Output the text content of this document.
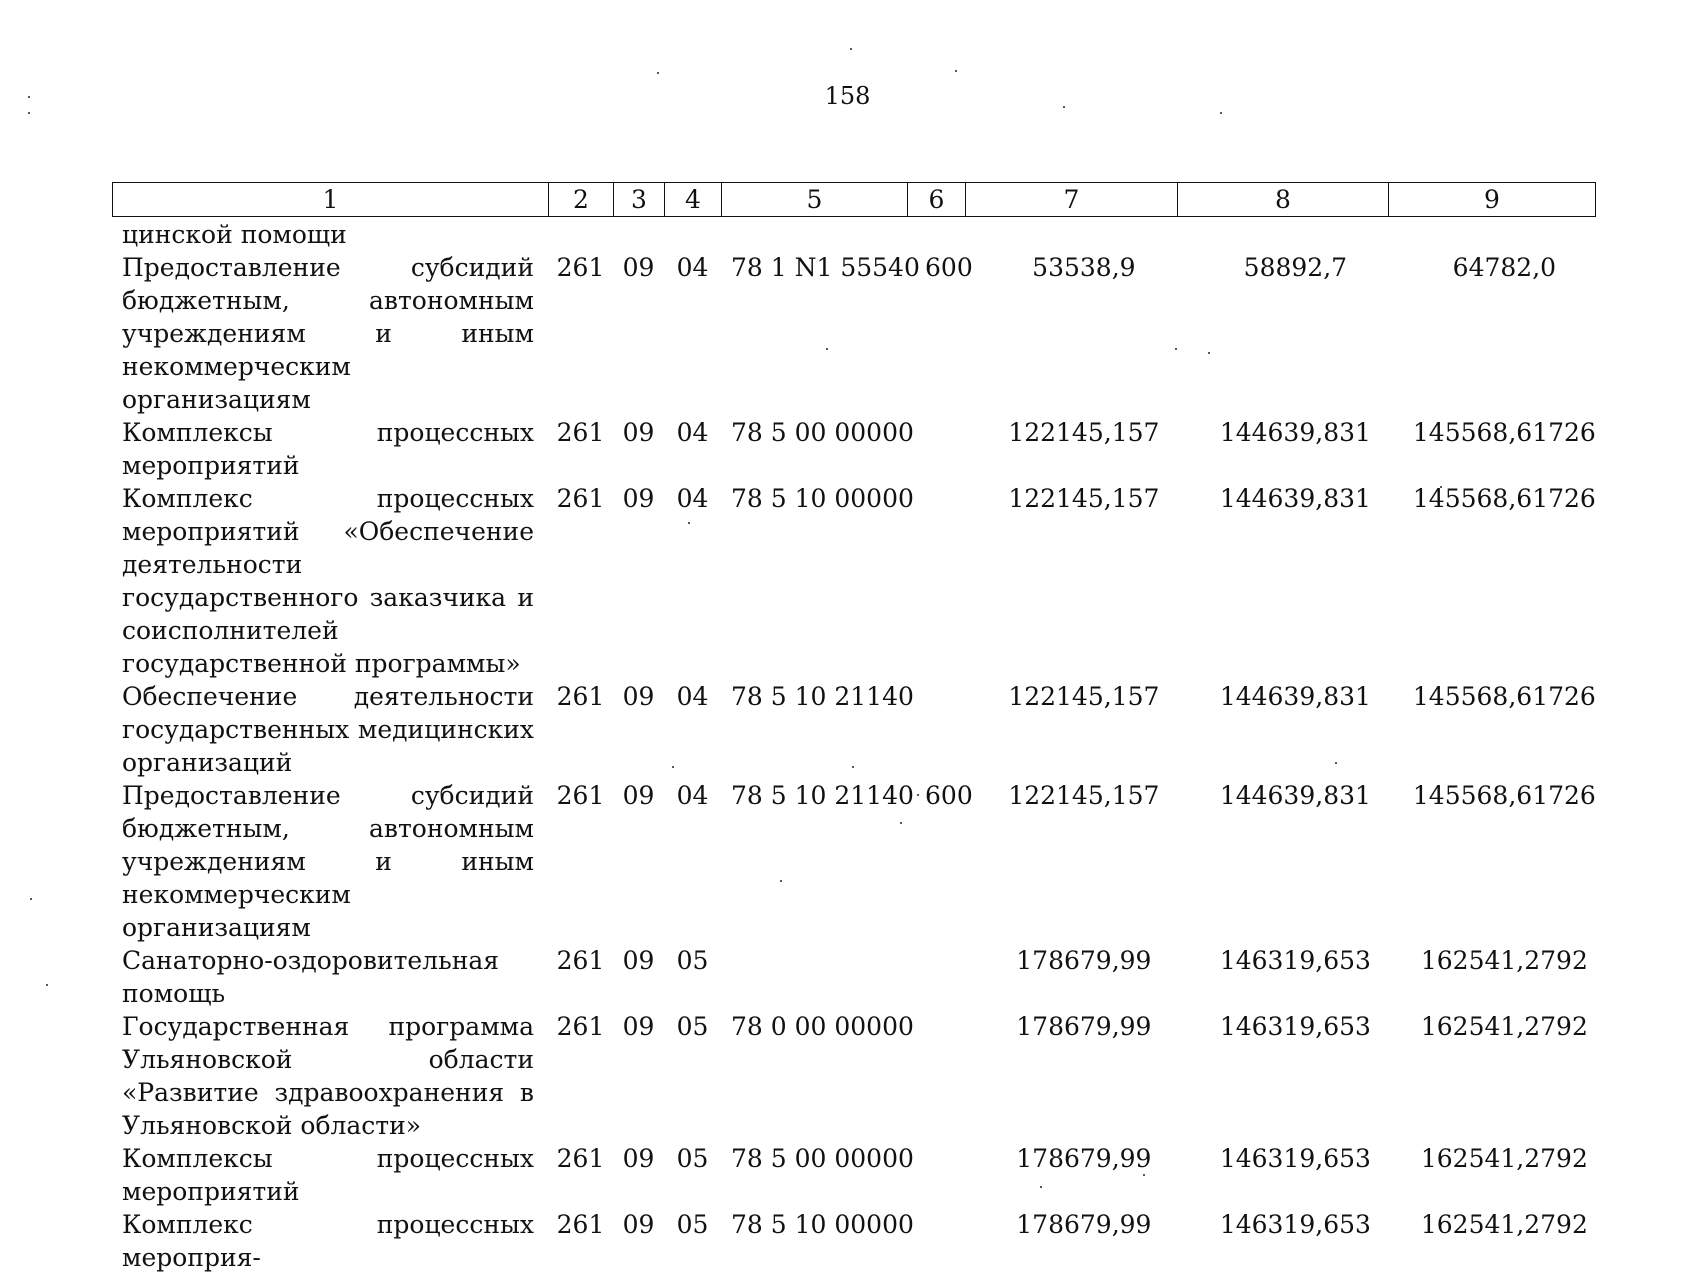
158
1	2	3	4	5	6	7	8	9
цинской помощи								
Предоставление субсидий бюджетным, автономным учреждениям и иным некоммерческим организациям	261	09	04	78 1 N1 55540	600	53538,9	58892,7	64782,0
Комплексы процессных мероприятий	261	09	04	78 5 00 00000		122145,157	144639,831	145568,61726
Комплекс процессных мероприятий «Обеспечение деятельности государственного заказчика и соисполнителей государственной программы»	261	09	04	78 5 10 00000		122145,157	144639,831	145568,61726
Обеспечение деятельности государственных медицинских организаций	261	09	04	78 5 10 21140		122145,157	144639,831	145568,61726
Предоставление субсидий бюджетным, автономным учреждениям и иным некоммерческим организациям	261	09	04	78 5 10 21140	600	122145,157	144639,831	145568,61726
Санаторно-оздоровительная помощь	261	09	05			178679,99	146319,653	162541,2792
Государственная программа Ульяновской области «Развитие здравоохранения в Ульяновской области»	261	09	05	78 0 00 00000		178679,99	146319,653	162541,2792
Комплексы процессных мероприятий	261	09	05	78 5 00 00000		178679,99	146319,653	162541,2792
Комплекс процессных мероприя-	261	09	05	78 5 10 00000		178679,99	146319,653	162541,2792
